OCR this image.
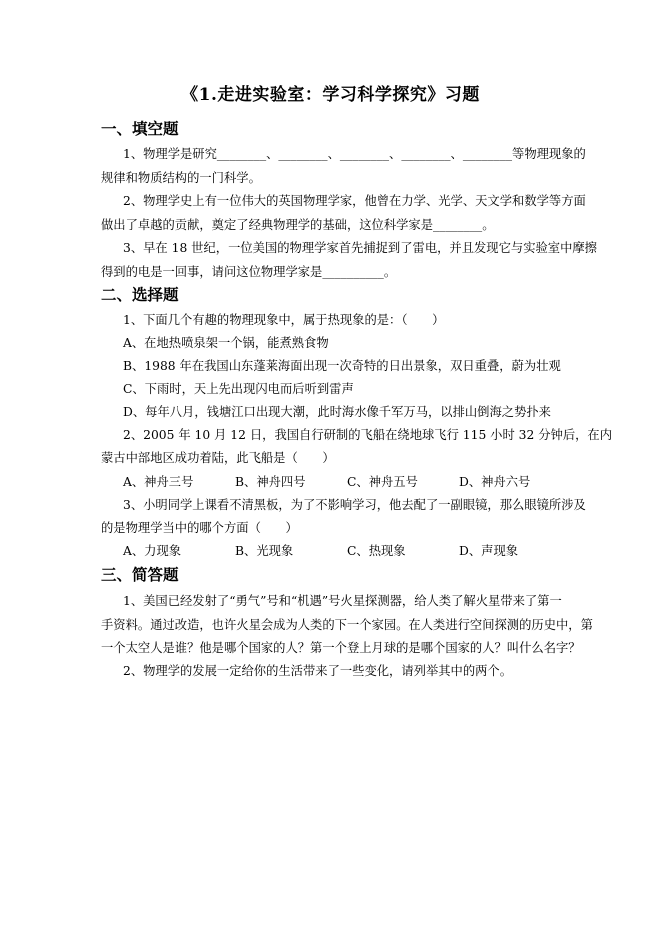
《1.走进实验室：学习科学探究》习题
一、填空题
1、物理学是研究________、________、________、________、________等物理现象的
规律和物质结构的一门科学。
2、物理学史上有一位伟大的英国物理学家，他曾在力学、光学、天文学和数学等方面
做出了卓越的贡献，奠定了经典物理学的基础，这位科学家是________。
3、早在 18 世纪，一位美国的物理学家首先捕捉到了雷电，并且发现它与实验室中摩擦
得到的电是一回事，请问这位物理学家是__________。
二、选择题
1、下面几个有趣的物理现象中，属于热现象的是：（　　）
A、在地热喷泉架一个锅，能煮熟食物
B、1988 年在我国山东蓬莱海面出现一次奇特的日出景象，双日重叠，蔚为壮观
C、下雨时，天上先出现闪电而后听到雷声
D、每年八月，钱塘江口出现大潮，此时海水像千军万马，以排山倒海之势扑来
2、2005 年 10 月 12 日，我国自行研制的飞船在绕地球飞行 115 小时 32 分钟后，在内
蒙古中部地区成功着陆，此飞船是（　　）
A、神舟三号	B、神舟四号	C、神舟五号	D、神舟六号
3、小明同学上课看不清黑板，为了不影响学习，他去配了一副眼镜，那么眼镜所涉及
的是物理学当中的哪个方面（　　）
A、力现象	B、光现象	C、热现象	D、声现象
三、简答题
1、美国已经发射了“勇气”号和“机遇”号火星探测器，给人类了解火星带来了第一
手资料。通过改造，也许火星会成为人类的下一个家园。在人类进行空间探测的历史中，第
一个太空人是谁？他是哪个国家的人？第一个登上月球的是哪个国家的人？叫什么名字？
2、物理学的发展一定给你的生活带来了一些变化，请列举其中的两个。
